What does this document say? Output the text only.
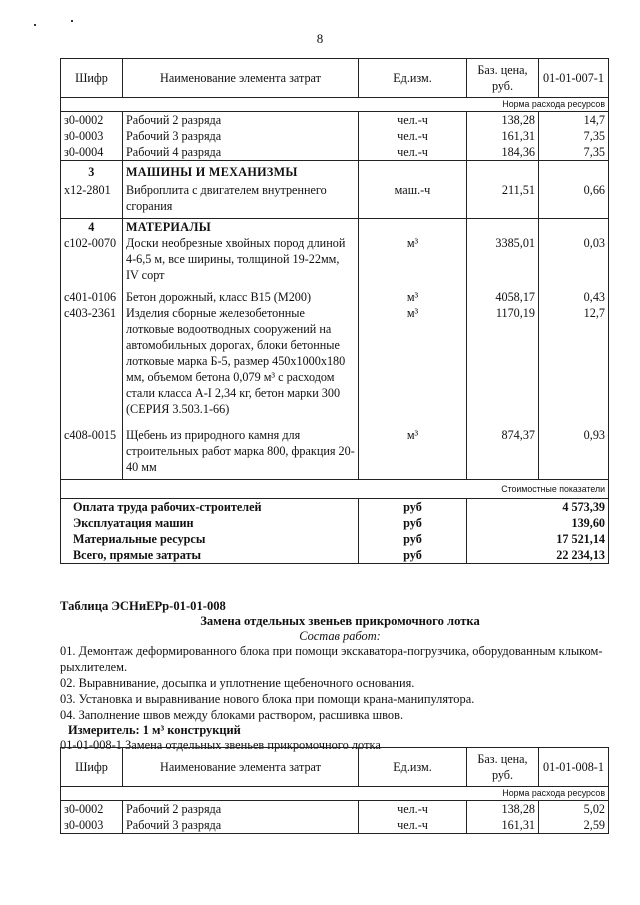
8
Шифр	Наименование элемента затрат	Ед.изм.	Баз. цена, руб.	01-01-007-1
Норма расхода ресурсов				
з0-0002	Рабочий 2 разряда	чел.-ч	138,28	14,7
з0-0003	Рабочий 3 разряда	чел.-ч	161,31	7,35
з0-0004	Рабочий 4 разряда	чел.-ч	184,36	7,35
3	МАШИНЫ И МЕХАНИЗМЫ			
х12-2801	Виброплита с двигателем внутреннего сгорания	маш.-ч	211,51	0,66
4	МАТЕРИАЛЫ			
с102-0070	Доски необрезные хвойных пород длиной 4-6,5 м, все ширины, толщиной 19-22мм, IV сорт	м³	3385,01	0,03
с401-0106	Бетон дорожный, класс В15 (М200)	м³	4058,17	0,43
с403-2361	Изделия сборные железобетонные лотковые водоотводных сооружений на автомобильных дорогах, блоки бетонные лотковые марка Б-5, размер 450х1000х180 мм, объемом бетона 0,079 м³ с расходом стали класса А-I 2,34 кг, бетон марки 300 (СЕРИЯ 3.503.1-66)	м³	1170,19	12,7
с408-0015	Щебень из природного камня для строительных работ марка 800, фракция 20-40 мм	м³	874,37	0,93
Стоимостные показатели				
Оплата труда рабочих-строителей		руб	4 573,39	
Эксплуатация машин		руб	139,60	
Материальные ресурсы		руб	17 521,14	
Всего, прямые затраты		руб	22 234,13	
Таблица ЭСНиЕРр-01-01-008
Замена отдельных звеньев прикромочного лотка
Состав работ:
01. Демонтаж деформированного блока при помощи экскаватора-погрузчика, оборудованным клыком-рыхлителем.
02. Выравнивание, досыпка и уплотнение щебеночного основания.
03. Установка и выравнивание нового блока при помощи крана-манипулятора.
04. Заполнение швов между блоками раствором, расшивка швов.
Измеритель: 1 м³ конструкций
01-01-008-1 Замена отдельных звеньев прикромочного лотка
Шифр	Наименование элемента затрат	Ед.изм.	Баз. цена, руб.	01-01-008-1
Норма расхода ресурсов				
з0-0002	Рабочий 2 разряда	чел.-ч	138,28	5,02
з0-0003	Рабочий 3 разряда	чел.-ч	161,31	2,59
